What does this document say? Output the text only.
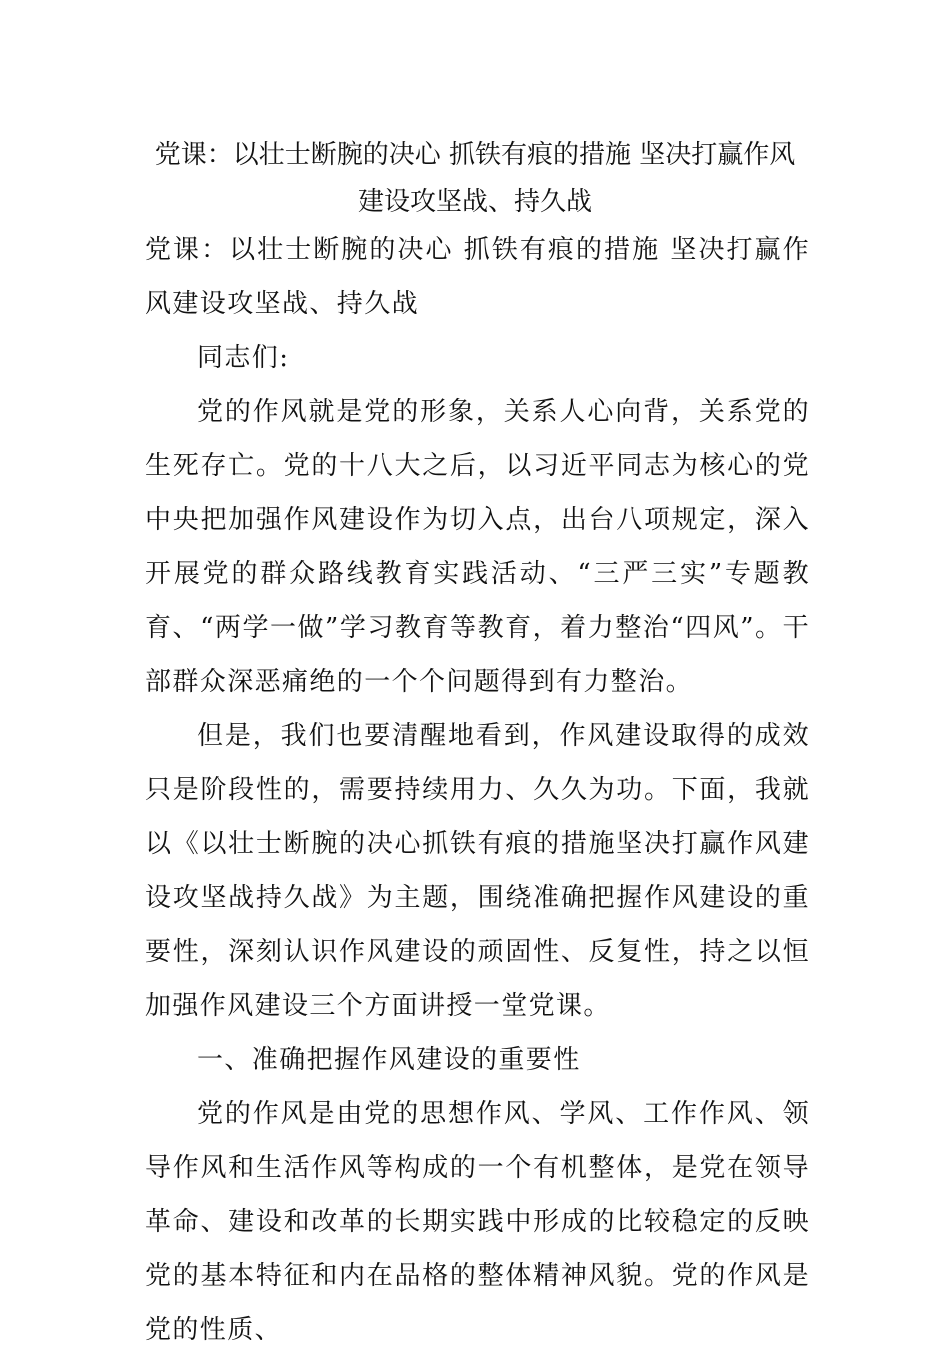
党课：以壮士断腕的决心 抓铁有痕的措施 坚决打赢作风
建设攻坚战、持久战

党课：以壮士断腕的决心 抓铁有痕的措施 坚决打赢作风建设攻坚战、持久战

同志们:

党的作风就是党的形象，关系人心向背，关系党的生死存亡。党的十八大之后，以习近平同志为核心的党中央把加强作风建设作为切入点，出台八项规定，深入开展党的群众路线教育实践活动、“三严三实”专题教育、“两学一做”学习教育等教育，着力整治“四风”。干部群众深恶痛绝的一个个问题得到有力整治。

但是，我们也要清醒地看到，作风建设取得的成效只是阶段性的，需要持续用力、久久为功。下面，我就以《以壮士断腕的决心抓铁有痕的措施坚决打赢作风建设攻坚战持久战》为主题，围绕准确把握作风建设的重要性，深刻认识作风建设的顽固性、反复性，持之以恒加强作风建设三个方面讲授一堂党课。

一、准确把握作风建设的重要性

党的作风是由党的思想作风、学风、工作作风、领导作风和生活作风等构成的一个有机整体，是党在领导革命、建设和改革的长期实践中形成的比较稳定的反映党的基本特征和内在品格的整体精神风貌。党的作风是党的性质、
